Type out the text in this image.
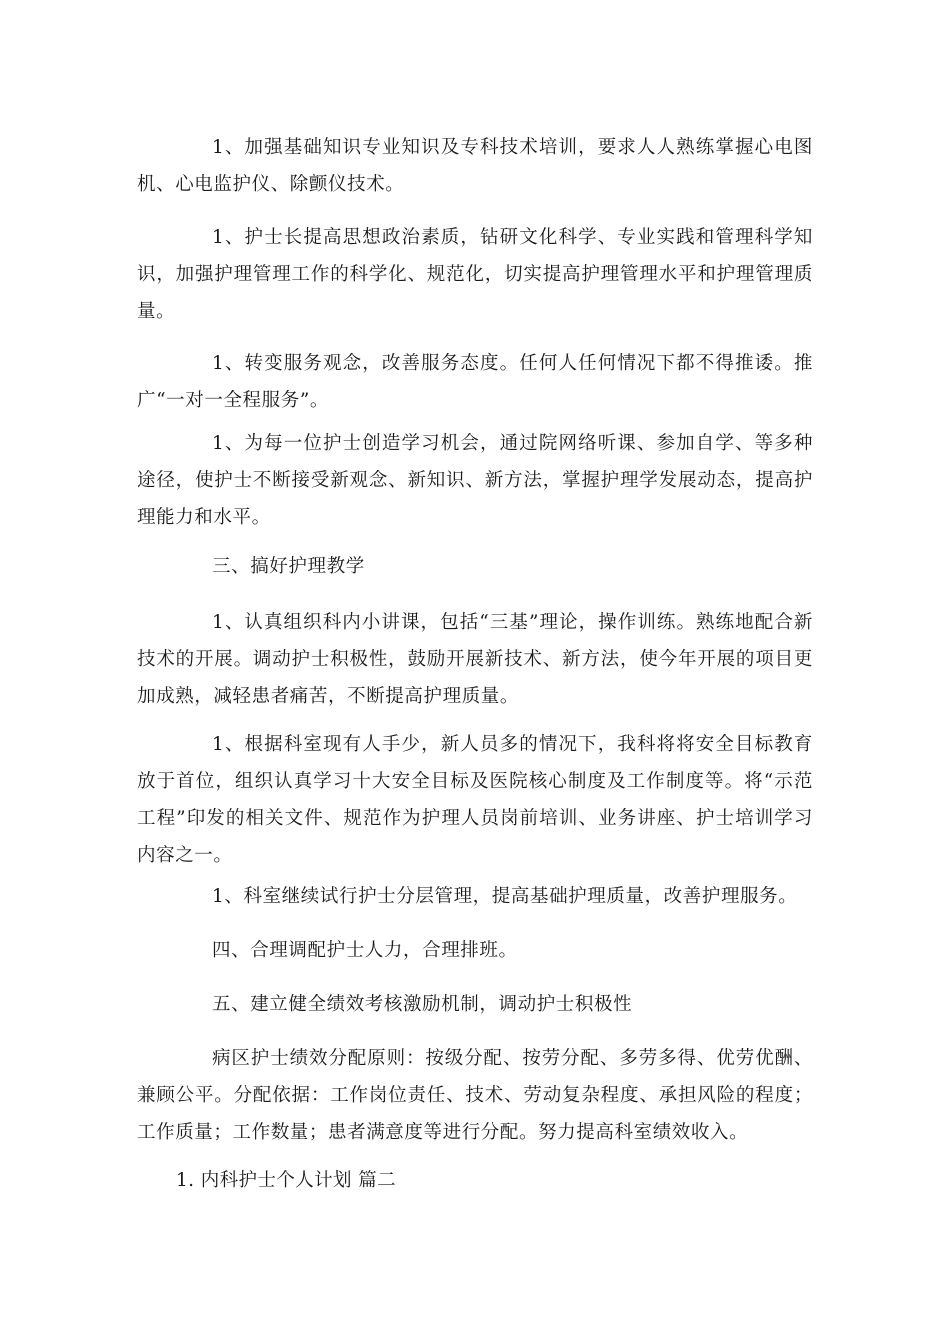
1、加强基础知识专业知识及专科技术培训，要求人人熟练掌握心电图机、心电监护仪、除颤仪技术。

1、护士长提高思想政治素质，钻研文化科学、专业实践和管理科学知识，加强护理管理工作的科学化、规范化，切实提高护理管理水平和护理管理质量。

1、转变服务观念，改善服务态度。任何人任何情况下都不得推诿。推广“一对一全程服务”。

1、为每一位护士创造学习机会，通过院网络听课、参加自学、等多种途径，使护士不断接受新观念、新知识、新方法，掌握护理学发展动态，提高护理能力和水平。

三、搞好护理教学

1、认真组织科内小讲课，包括“三基”理论，操作训练。熟练地配合新技术的开展。调动护士积极性，鼓励开展新技术、新方法，使今年开展的项目更加成熟，减轻患者痛苦，不断提高护理质量。

1、根据科室现有人手少，新人员多的情况下，我科将将安全目标教育放于首位，组织认真学习十大安全目标及医院核心制度及工作制度等。将“示范工程”印发的相关文件、规范作为护理人员岗前培训、业务讲座、护士培训学习内容之一。

1、科室继续试行护士分层管理，提高基础护理质量，改善护理服务。

四、合理调配护士人力，合理排班。

五、建立健全绩效考核激励机制，调动护士积极性

病区护士绩效分配原则：按级分配、按劳分配、多劳多得、优劳优酬、兼顾公平。分配依据：工作岗位责任、技术、劳动复杂程度、承担风险的程度；工作质量；工作数量；患者满意度等进行分配。努力提高科室绩效收入。

1. 内科护士个人计划 篇二
